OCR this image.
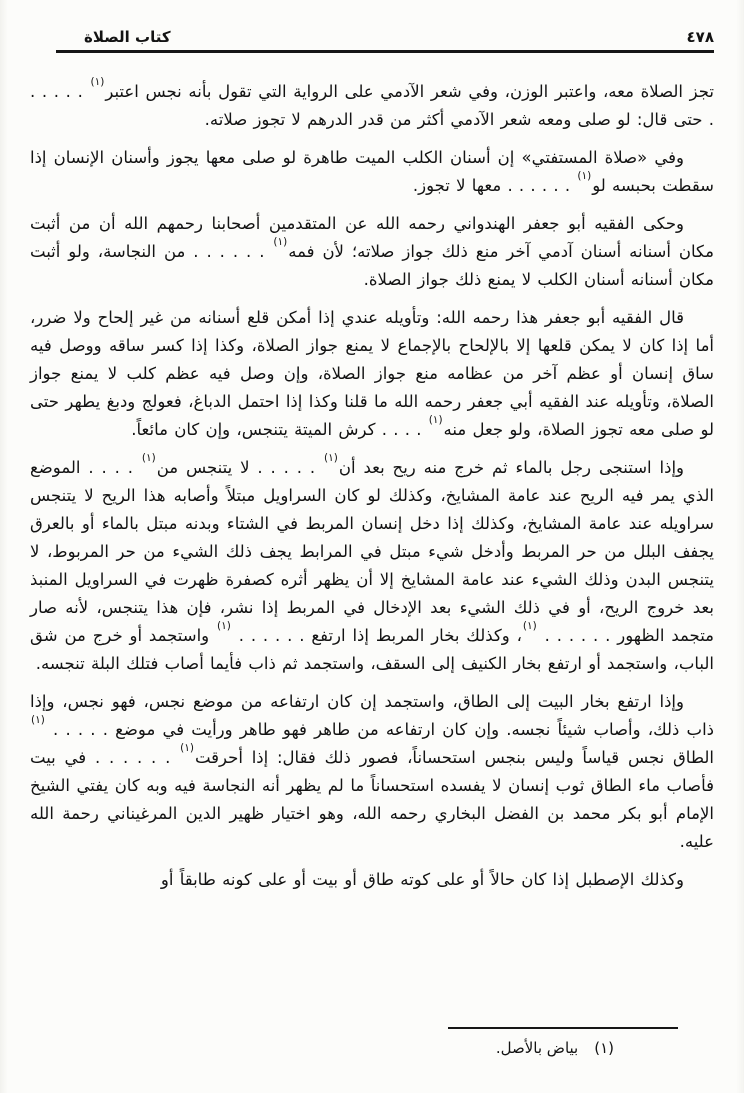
كتاب الصلاة	٤٧٨

تجز الصلاة معه، واعتبر الوزن، وفي شعر الآدمي على الرواية التي تقول بأنه نجس اعتبر$^{(١)}$ . . . . . . حتى قال: لو صلى ومعه شعر الآدمي أكثر من قدر الدرهم لا تجوز صلاته.

وفي «صلاة المستفتي» إن أسنان الكلب الميت طاهرة لو صلى معها يجوز وأسنان الإنسان إذا سقطت بحبسه لو$^{(١)}$ . . . . . . معها لا تجوز.

وحكى الفقيه أبو جعفر الهندواني رحمه الله عن المتقدمين أصحابنا رحمهم الله أن من أثبت مكان أسنانه أسنان آدمي آخر منع ذلك جواز صلاته؛ لأن فمه$^{(١)}$ . . . . . . من النجاسة، ولو أثبت مكان أسنانه أسنان الكلب لا يمنع ذلك جواز الصلاة.

قال الفقيه أبو جعفر هذا رحمه الله: وتأويله عندي إذا أمكن قلع أسنانه من غير إلحاح ولا ضرر، أما إذا كان لا يمكن قلعها إلا بالإلحاح بالإجماع لا يمنع جواز الصلاة، وكذا إذا كسر ساقه ووصل فيه ساق إنسان أو عظم آخر من عظامه منع جواز الصلاة، وإن وصل فيه عظم كلب لا يمنع جواز الصلاة، وتأويله عند الفقيه أبي جعفر رحمه الله ما قلنا وكذا إذا احتمل الدباغ، فعولج ودبغ يطهر حتى لو صلى معه تجوز الصلاة، ولو جعل منه$^{(١)}$ . . . . كرش الميتة يتنجس، وإن كان مائعاً.

وإذا استنجى رجل بالماء ثم خرج منه ريح بعد أن$^{(١)}$ . . . . . لا يتنجس من$^{(١)}$ . . . . الموضع الذي يمر فيه الريح عند عامة المشايخ، وكذلك لو كان السراويل مبتلاً وأصابه هذا الريح لا يتنجس سراويله عند عامة المشايخ، وكذلك إذا دخل إنسان المربط في الشتاء وبدنه مبتل بالماء أو بالعرق يجفف البلل من حر المربط وأدخل شيء مبتل في المرابط يجف ذلك الشيء من حر المربوط، لا يتنجس البدن وذلك الشيء عند عامة المشايخ إلا أن يظهر أثره كصفرة ظهرت في السراويل المنبذ بعد خروج الريح، أو في ذلك الشيء بعد الإدخال في المربط إذا نشر، فإن هذا يتنجس، لأنه صار متجمد الظهور . . . . . . $^{(١)}$، وكذلك بخار المربط إذا ارتفع . . . . . . $^{(١)}$ واستجمد أو خرج من شق الباب، واستجمد أو ارتفع بخار الكنيف إلى السقف، واستجمد ثم ذاب فأيما أصاب فتلك البلة تنجسه.

وإذا ارتفع بخار البيت إلى الطاق، واستجمد إن كان ارتفاعه من موضع نجس، فهو نجس، وإذا ذاب ذلك، وأصاب شيئاً نجسه. وإن كان ارتفاعه من طاهر فهو طاهر ورأيت في موضع . . . . . $^{(١)}$ الطاق نجس قياساً وليس بنجس استحساناً، فصور ذلك فقال: إذا أحرقت$^{(١)}$ . . . . . . في بيت فأصاب ماء الطاق ثوب إنسان لا يفسده استحساناً ما لم يظهر أنه النجاسة فيه وبه كان يفتي الشيخ الإمام أبو بكر محمد بن الفضل البخاري رحمه الله، وهو اختيار ظهير الدين المرغيناني رحمة الله عليه.

وكذلك الإصطبل إذا كان حالاً أو على كوته طاق أو بيت أو على كونه طابقاً أو

(١)بياض بالأصل.
